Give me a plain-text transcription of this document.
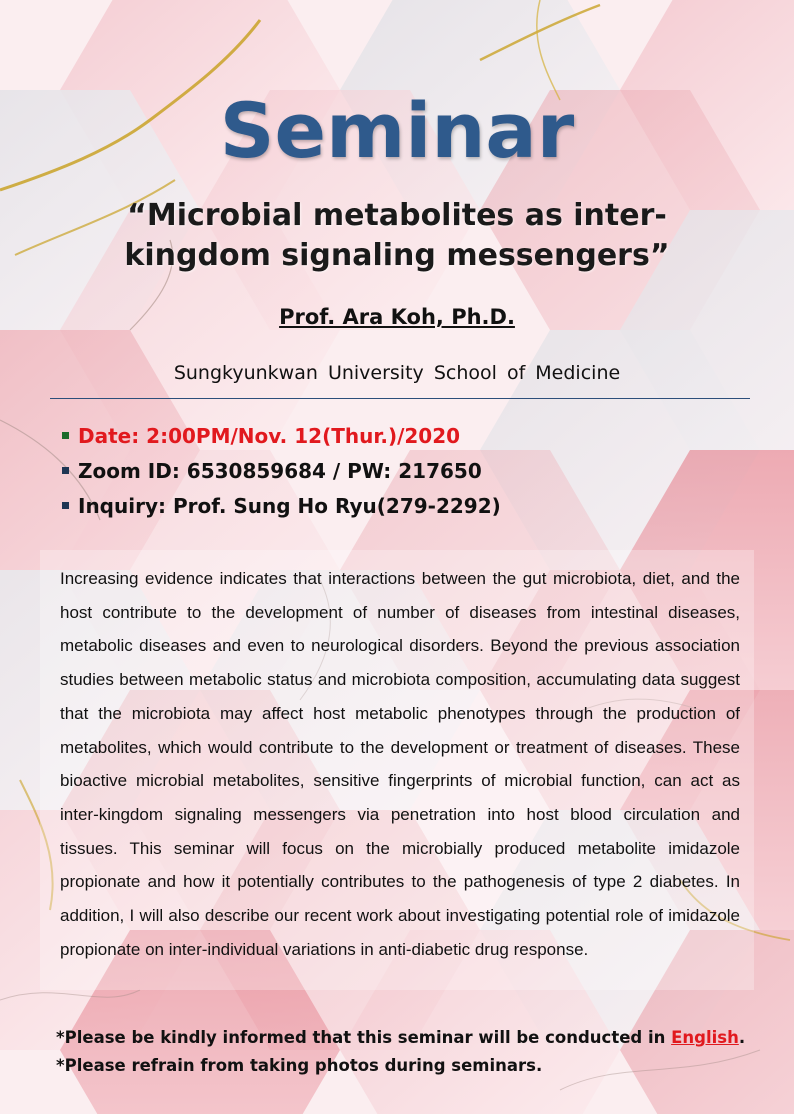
Seminar
“Microbial metabolites as inter-kingdom signaling messengers”
Prof. Ara Koh, Ph.D.
Sungkyunkwan University School of Medicine
Date: 2:00PM/Nov. 12(Thur.)/2020
Zoom ID: 6530859684 / PW: 217650
Inquiry: Prof. Sung Ho Ryu(279-2292)

Increasing evidence indicates that interactions between the gut microbiota, diet, and the host contribute to the development of number of diseases from intestinal diseases, metabolic diseases and even to neurological disorders. Beyond the previous association studies between metabolic status and microbiota composition, accumulating data suggest that the microbiota may affect host metabolic phenotypes through the production of metabolites, which would contribute to the development or treatment of diseases. These bioactive microbial metabolites, sensitive fingerprints of microbial function, can act as inter-kingdom signaling messengers via penetration into host blood circulation and tissues. This seminar will focus on the microbially produced metabolite imidazole propionate and how it potentially contributes to the pathogenesis of type 2 diabetes. In addition, I will also describe our recent work about investigating potential role of imidazole propionate on inter-individual variations in anti-diabetic drug response.

*Please be kindly informed that this seminar will be conducted in English.
*Please refrain from taking photos during seminars.
